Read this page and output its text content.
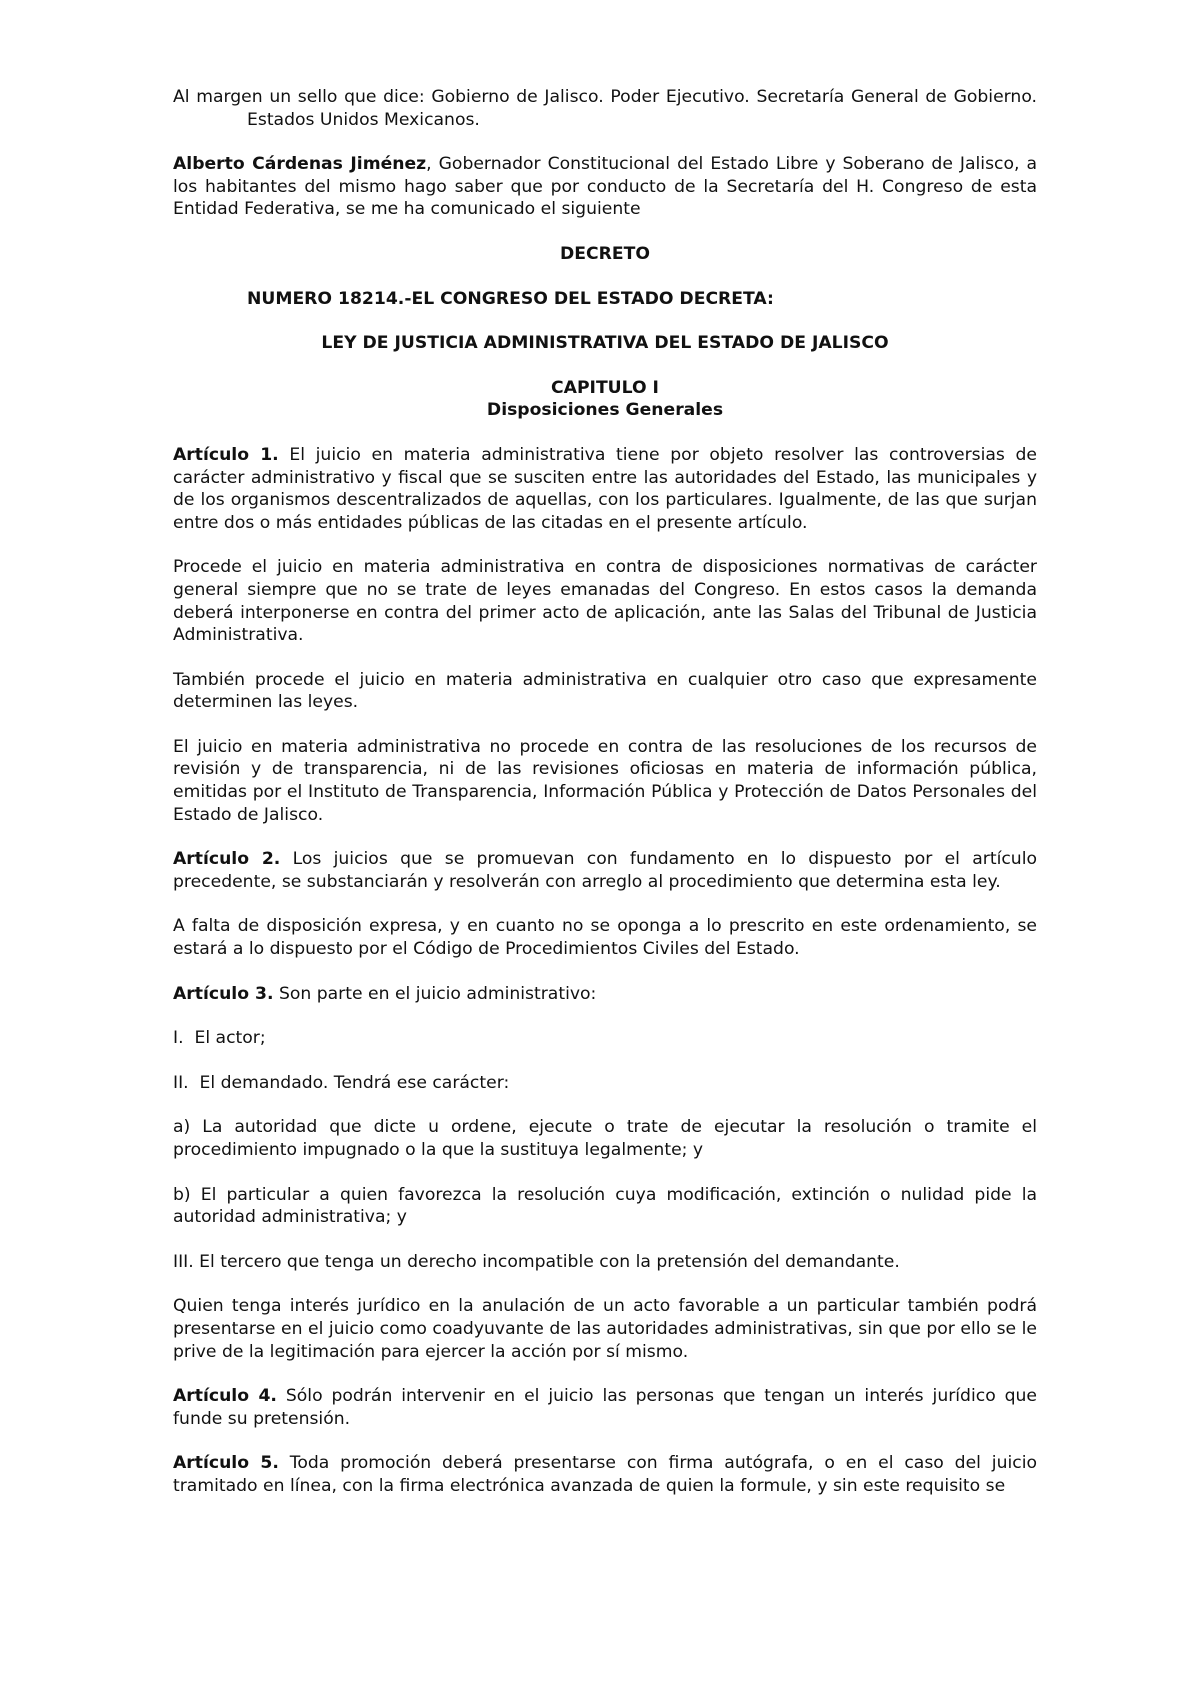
Al margen un sello que dice: Gobierno de Jalisco. Poder Ejecutivo. Secretaría General de Gobierno. Estados Unidos Mexicanos.

Alberto Cárdenas Jiménez, Gobernador Constitucional del Estado Libre y Soberano de Jalisco, a los habitantes del mismo hago saber que por conducto de la Secretaría del H. Congreso de esta Entidad Federativa, se me ha comunicado el siguiente

DECRETO

NUMERO 18214.-EL CONGRESO DEL ESTADO DECRETA:

LEY DE JUSTICIA ADMINISTRATIVA DEL ESTADO DE JALISCO

CAPITULO I
Disposiciones Generales

Artículo 1. El juicio en materia administrativa tiene por objeto resolver las controversias de carácter administrativo y fiscal que se susciten entre las autoridades del Estado, las municipales y de los organismos descentralizados de aquellas, con los particulares. Igualmente, de las que surjan entre dos o más entidades públicas de las citadas en el presente artículo.

Procede el juicio en materia administrativa en contra de disposiciones normativas de carácter general siempre que no se trate de leyes emanadas del Congreso. En estos casos la demanda deberá interponerse en contra del primer acto de aplicación, ante las Salas del Tribunal de Justicia Administrativa.

También procede el juicio en materia administrativa en cualquier otro caso que expresamente determinen las leyes.

El juicio en materia administrativa no procede en contra de las resoluciones de los recursos de revisión y de transparencia, ni de las revisiones oficiosas en materia de información pública, emitidas por el Instituto de Transparencia, Información Pública y Protección de Datos Personales del Estado de Jalisco.

Artículo 2. Los juicios que se promuevan con fundamento en lo dispuesto por el artículo precedente, se substanciarán y resolverán con arreglo al procedimiento que determina esta ley.

A falta de disposición expresa, y en cuanto no se oponga a lo prescrito en este ordenamiento, se estará a lo dispuesto por el Código de Procedimientos Civiles del Estado.

Artículo 3. Son parte en el juicio administrativo:

I.  El actor;

II.  El demandado. Tendrá ese carácter:

a) La autoridad que dicte u ordene, ejecute o trate de ejecutar la resolución o tramite el procedimiento impugnado o la que la sustituya legalmente; y

b) El particular a quien favorezca la resolución cuya modificación, extinción o nulidad pide la autoridad administrativa; y

III. El tercero que tenga un derecho incompatible con la pretensión del demandante.

Quien tenga interés jurídico en la anulación de un acto favorable a un particular también podrá presentarse en el juicio como coadyuvante de las autoridades administrativas, sin que por ello se le prive de la legitimación para ejercer la acción por sí mismo.

Artículo 4. Sólo podrán intervenir en el juicio las personas que tengan un interés jurídico que funde su pretensión.

Artículo 5. Toda promoción deberá presentarse con firma autógrafa, o en el caso del juicio tramitado en línea, con la firma electrónica avanzada de quien la formule, y sin este requisito se
